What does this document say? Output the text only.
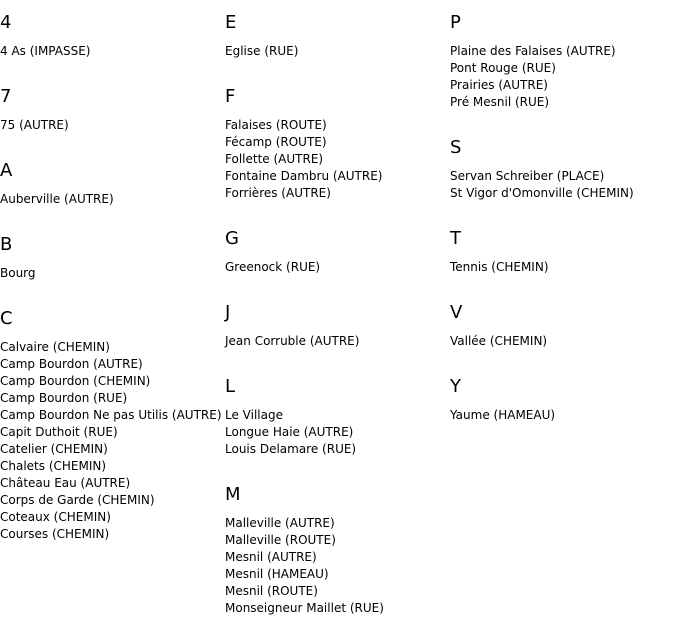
4
4 As (IMPASSE)
7
75 (AUTRE)
A
Auberville (AUTRE)
B
Bourg
C
Calvaire (CHEMIN)
Camp Bourdon (AUTRE)
Camp Bourdon (CHEMIN)
Camp Bourdon (RUE)
Camp Bourdon Ne pas Utilis (AUTRE)
Capit Duthoit (RUE)
Catelier (CHEMIN)
Chalets (CHEMIN)
Château Eau (AUTRE)
Corps de Garde (CHEMIN)
Coteaux (CHEMIN)
Courses (CHEMIN)
E
Eglise (RUE)
F
Falaises (ROUTE)
Fécamp (ROUTE)
Follette (AUTRE)
Fontaine Dambru (AUTRE)
Forrières (AUTRE)
G
Greenock (RUE)
J
Jean Corruble (AUTRE)
L
Le Village
Longue Haie (AUTRE)
Louis Delamare (RUE)
M
Malleville (AUTRE)
Malleville (ROUTE)
Mesnil (AUTRE)
Mesnil (HAMEAU)
Mesnil (ROUTE)
Monseigneur Maillet (RUE)
P
Plaine des Falaises (AUTRE)
Pont Rouge (RUE)
Prairies (AUTRE)
Pré Mesnil (RUE)
S
Servan Schreiber (PLACE)
St Vigor d'Omonville (CHEMIN)
T
Tennis (CHEMIN)
V
Vallée (CHEMIN)
Y
Yaume (HAMEAU)
